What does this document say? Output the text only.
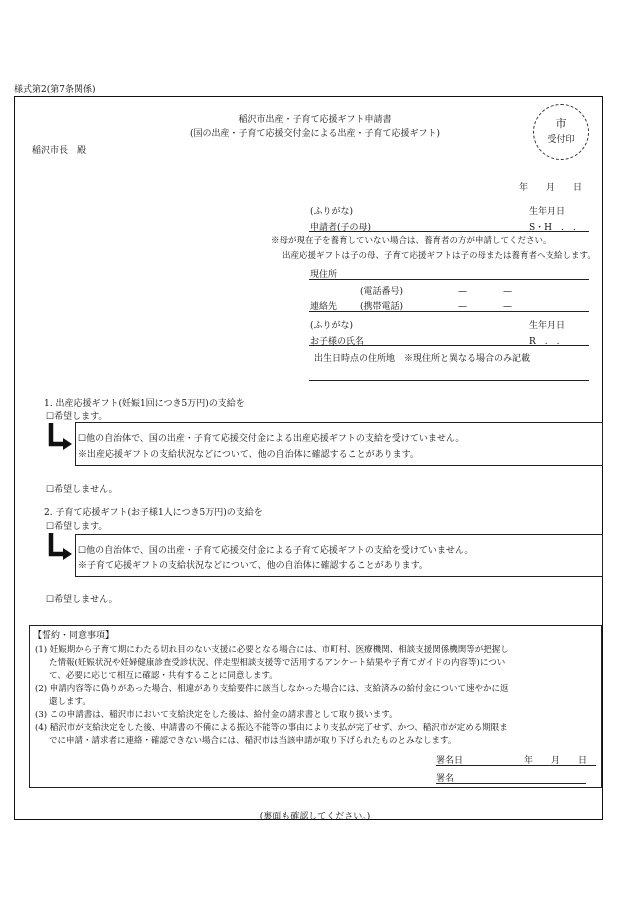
様式第2(第7条関係)
稲沢市出産・子育て応援ギフト申請書
(国の出産・子育て応援交付金による出産・子育て応援ギフト)
稲沢市長　殿
市
受付印
年　　月　　日
(ふりがな)	生年月日
申請者(子の母)	S・H　.　.
※母が現在子を養育していない場合は、養育者の方が申請してください。
出産応援ギフトは子の母、子育て応援ギフトは子の母または養育者へ支給します。
現住所
(電話番号)	—　　　　—
連絡先	(携帯電話)	—　　　　—
(ふりがな)	生年月日
お子様の氏名	R　.　.
出生日時点の住所地　※現住所と異なる場合のみ記載
1. 出産応援ギフト(妊娠1回につき5万円)の支給を
☐希望します。
☐他の自治体で、国の出産・子育て応援交付金による出産応援ギフトの支給を受けていません。
※出産応援ギフトの支給状況などについて、他の自治体に確認することがあります。
☐希望しません。
2. 子育て応援ギフト(お子様1人につき5万円)の支給を
☐希望します。
☐他の自治体で、国の出産・子育て応援交付金による子育て応援ギフトの支給を受けていません。
※子育て応援ギフトの支給状況などについて、他の自治体に確認することがあります。
☐希望しません。
【誓約・同意事項】
(1) 妊娠期から子育て期にわたる切れ目のない支援に必要となる場合には、市町村、医療機関、相談支援関係機関等が把握し
た情報(妊娠状況や妊婦健康診査受診状況、伴走型相談支援等で活用するアンケート結果や子育てガイドの内容等)につい
て、必要に応じて相互に確認・共有することに同意します。
(2) 申請内容等に偽りがあった場合、相違があり支給要件に該当しなかった場合には、支給済みの給付金について速やかに返
還します。
(3) この申請書は、稲沢市において支給決定をした後は、給付金の請求書として取り扱います。
(4) 稲沢市が支給決定をした後、申請書の不備による振込不能等の事由により支払が完了せず、かつ、稲沢市が定める期限ま
でに申請・請求者に連絡・確認できない場合には、稲沢市は当該申請が取り下げられたものとみなします。
署名日	年　　月　　日
署名
(裏面も確認してください。)
